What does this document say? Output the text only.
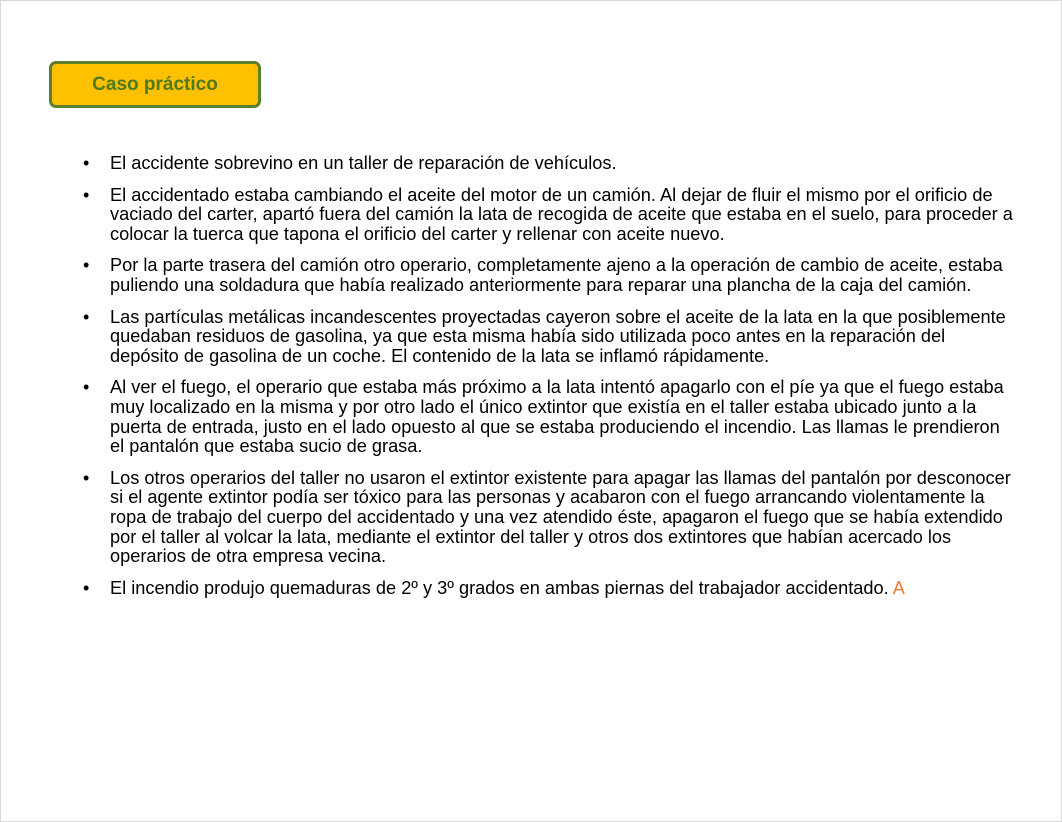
Caso práctico
• El accidente sobrevino en un taller de reparación de vehículos.
• El accidentado estaba cambiando el aceite del motor de un camión. Al dejar de fluir el mismo por el orificio de vaciado del carter, apartó fuera del camión la lata de recogida de aceite que estaba en el suelo, para proceder a colocar la tuerca que tapona el orificio del carter y rellenar con aceite nuevo.
• Por la parte trasera del camión otro operario, completamente ajeno a la operación de cambio de aceite, estaba puliendo una soldadura que había realizado anteriormente para reparar una plancha de la caja del camión.
• Las partículas metálicas incandescentes proyectadas cayeron sobre el aceite de la lata en la que posiblemente quedaban residuos de gasolina, ya que esta misma había sido utilizada poco antes en la reparación del depósito de gasolina de un coche. El contenido de la lata se inflamó rápidamente.
• Al ver el fuego, el operario que estaba más próximo a la lata intentó apagarlo con el píe ya que el fuego estaba muy localizado en la misma y por otro lado el único extintor que existía en el taller estaba ubicado junto a la puerta de entrada, justo en el lado opuesto al que se estaba produciendo el incendio. Las llamas le prendieron el pantalón que estaba sucio de grasa.
• Los otros operarios del taller no usaron el extintor existente para apagar las llamas del pantalón por desconocer si el agente extintor podía ser tóxico para las personas y acabaron con el fuego arrancando violentamente la ropa de trabajo del cuerpo del accidentado y una vez atendido éste, apagaron el fuego que se había extendido por el taller al volcar la lata, mediante el extintor del taller y otros dos extintores que habían acercado los operarios de otra empresa vecina.
• El incendio produjo quemaduras de 2º y 3º grados en ambas piernas del trabajador accidentado. A
